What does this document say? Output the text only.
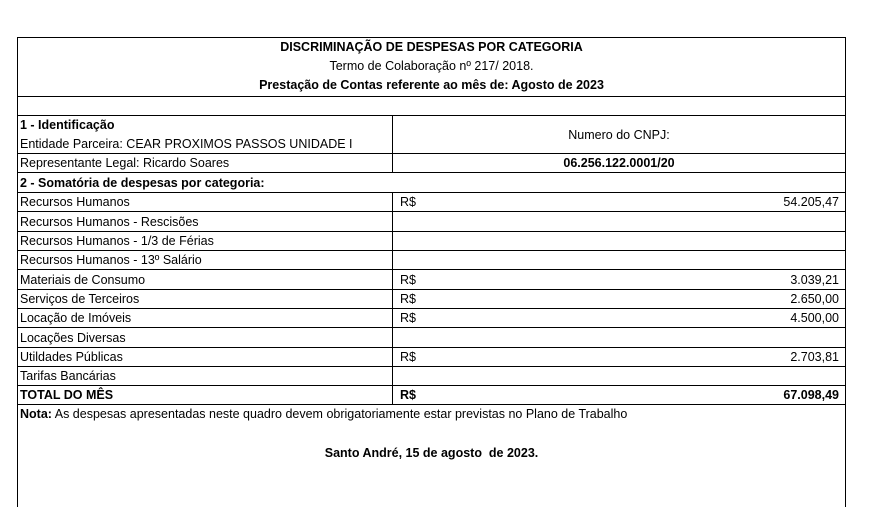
DISCRIMINAÇÃO DE DESPESAS POR CATEGORIA
Termo de Colaboração nº 217/ 2018.
Prestação de Contas referente ao mês de: Agosto de 2023
1 - Identificação
Entidade Parceira: CEAR PROXIMOS PASSOS UNIDADE I
Numero do CNPJ:
Representante Legal: Ricardo Soares	06.256.122.0001/20
2 - Somatória de despesas por categoria:
Recursos Humanos	R$	54.205,47
Recursos Humanos - Rescisões
Recursos Humanos - 1/3 de Férias
Recursos Humanos - 13º Salário
Materiais de Consumo	R$	3.039,21
Serviços de Terceiros	R$	2.650,00
Locação de Imóveis	R$	4.500,00
Locações Diversas
Utildades Públicas	R$	2.703,81
Tarifas Bancárias
TOTAL DO MÊS	R$	67.098,49
Nota: As despesas apresentadas neste quadro devem obrigatoriamente estar previstas no Plano de Trabalho
Santo André, 15 de agosto  de 2023.
